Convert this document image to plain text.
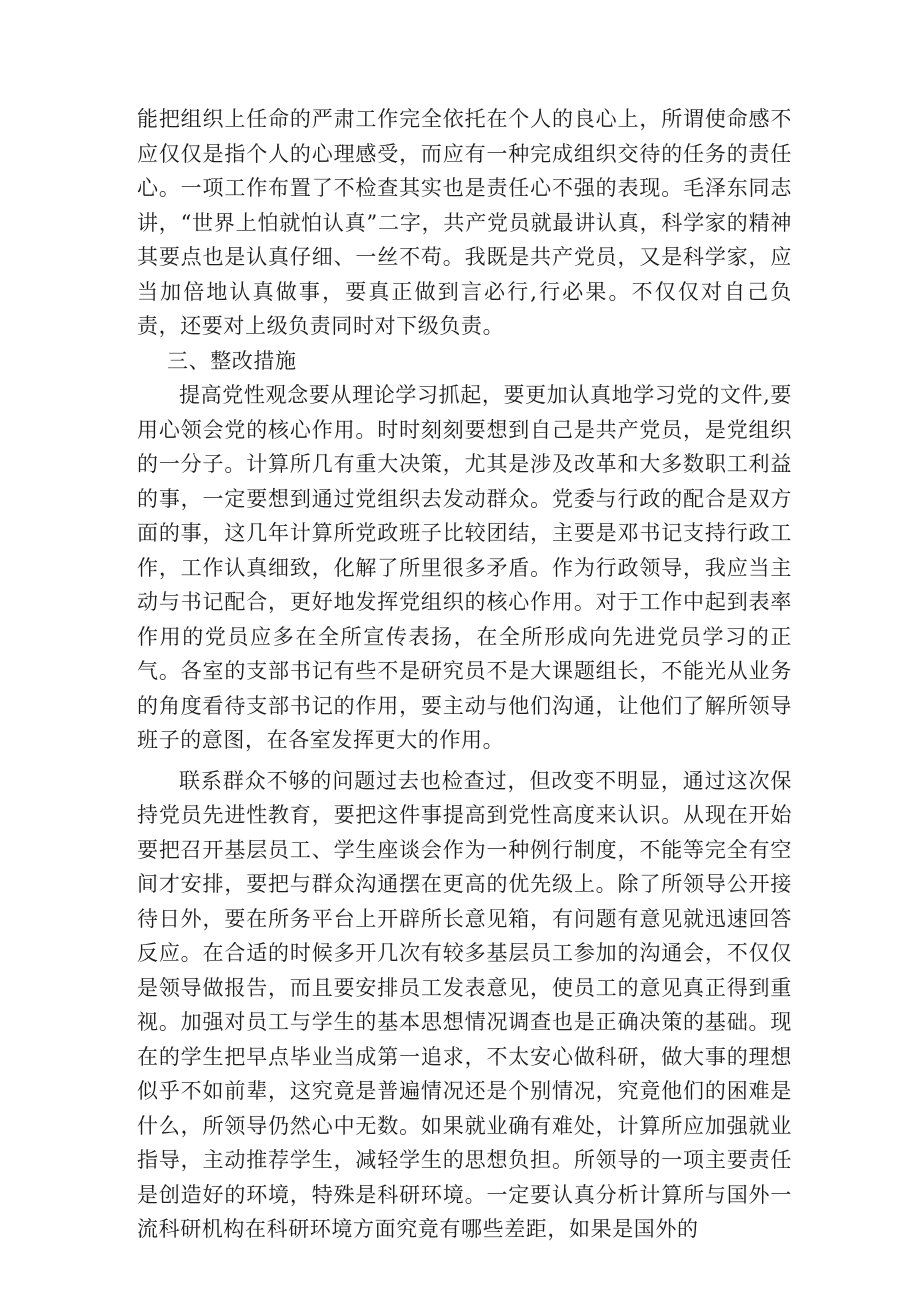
能把组织上任命的严肃工作完全依托在个人的良心上，所谓使命感不应仅仅是指个人的心理感受，而应有一种完成组织交待的任务的责任心。一项工作布置了不检查其实也是责任心不强的表现。毛泽东同志讲，“世界上怕就怕认真”二字，共产党员就最讲认真，科学家的精神其要点也是认真仔细、一丝不苟。我既是共产党员，又是科学家，应当加倍地认真做事，要真正做到言必行,行必果。不仅仅对自己负责，还要对上级负责同时对下级负责。

三、整改措施

提高党性观念要从理论学习抓起，要更加认真地学习党的文件,要用心领会党的核心作用。时时刻刻要想到自己是共产党员，是党组织的一分子。计算所几有重大决策，尤其是涉及改革和大多数职工利益的事，一定要想到通过党组织去发动群众。党委与行政的配合是双方面的事，这几年计算所党政班子比较团结，主要是邓书记支持行政工作，工作认真细致，化解了所里很多矛盾。作为行政领导，我应当主动与书记配合，更好地发挥党组织的核心作用。对于工作中起到表率作用的党员应多在全所宣传表扬，在全所形成向先进党员学习的正气。各室的支部书记有些不是研究员不是大课题组长，不能光从业务的角度看待支部书记的作用，要主动与他们沟通，让他们了解所领导班子的意图，在各室发挥更大的作用。

联系群众不够的问题过去也检查过，但改变不明显，通过这次保持党员先进性教育，要把这件事提高到党性高度来认识。从现在开始要把召开基层员工、学生座谈会作为一种例行制度，不能等完全有空间才安排，要把与群众沟通摆在更高的优先级上。除了所领导公开接待日外，要在所务平台上开辟所长意见箱，有问题有意见就迅速回答反应。在合适的时候多开几次有较多基层员工参加的沟通会，不仅仅是领导做报告，而且要安排员工发表意见，使员工的意见真正得到重视。加强对员工与学生的基本思想情况调查也是正确决策的基础。现在的学生把早点毕业当成第一追求，不太安心做科研，做大事的理想似乎不如前辈，这究竟是普遍情况还是个别情况，究竟他们的困难是什么，所领导仍然心中无数。如果就业确有难处，计算所应加强就业指导，主动推荐学生，减轻学生的思想负担。所领导的一项主要责任是创造好的环境，特殊是科研环境。一定要认真分析计算所与国外一流科研机构在科研环境方面究竟有哪些差距，如果是国外的
